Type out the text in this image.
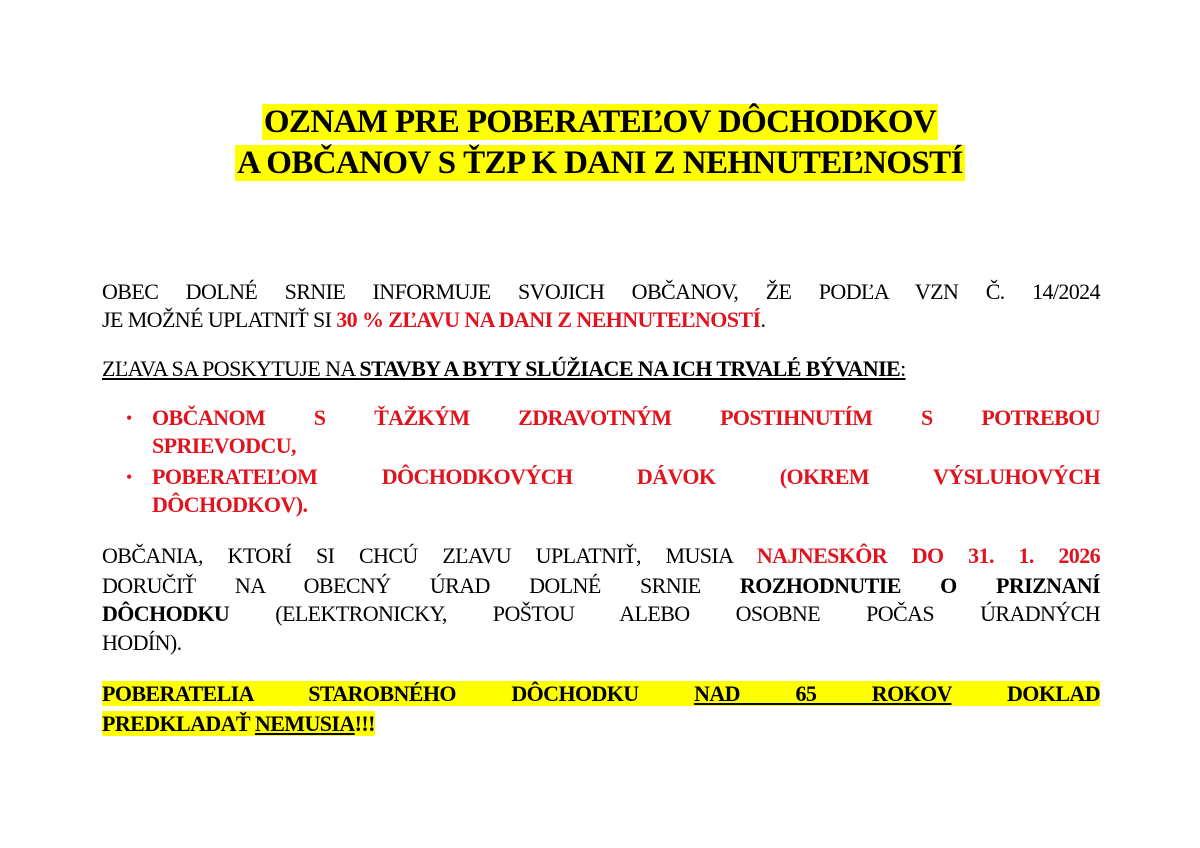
OZNAM PRE POBERATEĽOV DÔCHODKOV
A OBČANOV S ŤZP K DANI Z NEHNUTEĽNOSTÍ
OBEC DOLNÉ SRNIE INFORMUJE SVOJICH OBČANOV, ŽE PODĽA VZN Č. 14/2024
JE MOŽNÉ UPLATNIŤ SI 30 % ZĽAVU NA DANI Z NEHNUTEĽNOSTÍ.
ZĽAVA SA POSKYTUJE NA STAVBY A BYTY SLÚŽIACE NA ICH TRVALÉ BÝVANIE:
• OBČANOM S ŤAŽKÝM ZDRAVOTNÝM POSTIHNUTÍM S POTREBOU
SPRIEVODCU,
• POBERATEĽOM DÔCHODKOVÝCH DÁVOK (OKREM VÝSLUHOVÝCH
DÔCHODKOV).
OBČANIA, KTORÍ SI CHCÚ ZĽAVU UPLATNIŤ, MUSIA NAJNESKÔR DO 31. 1. 2026
DORUČIŤ NA OBECNÝ ÚRAD DOLNÉ SRNIE ROZHODNUTIE O PRIZNANÍ
DÔCHODKU (ELEKTRONICKY, POŠTOU ALEBO OSOBNE POČAS ÚRADNÝCH
HODÍN).
POBERATELIA STAROBNÉHO DÔCHODKU NAD 65 ROKOV DOKLAD
PREDKLADAŤ NEMUSIA!!!
